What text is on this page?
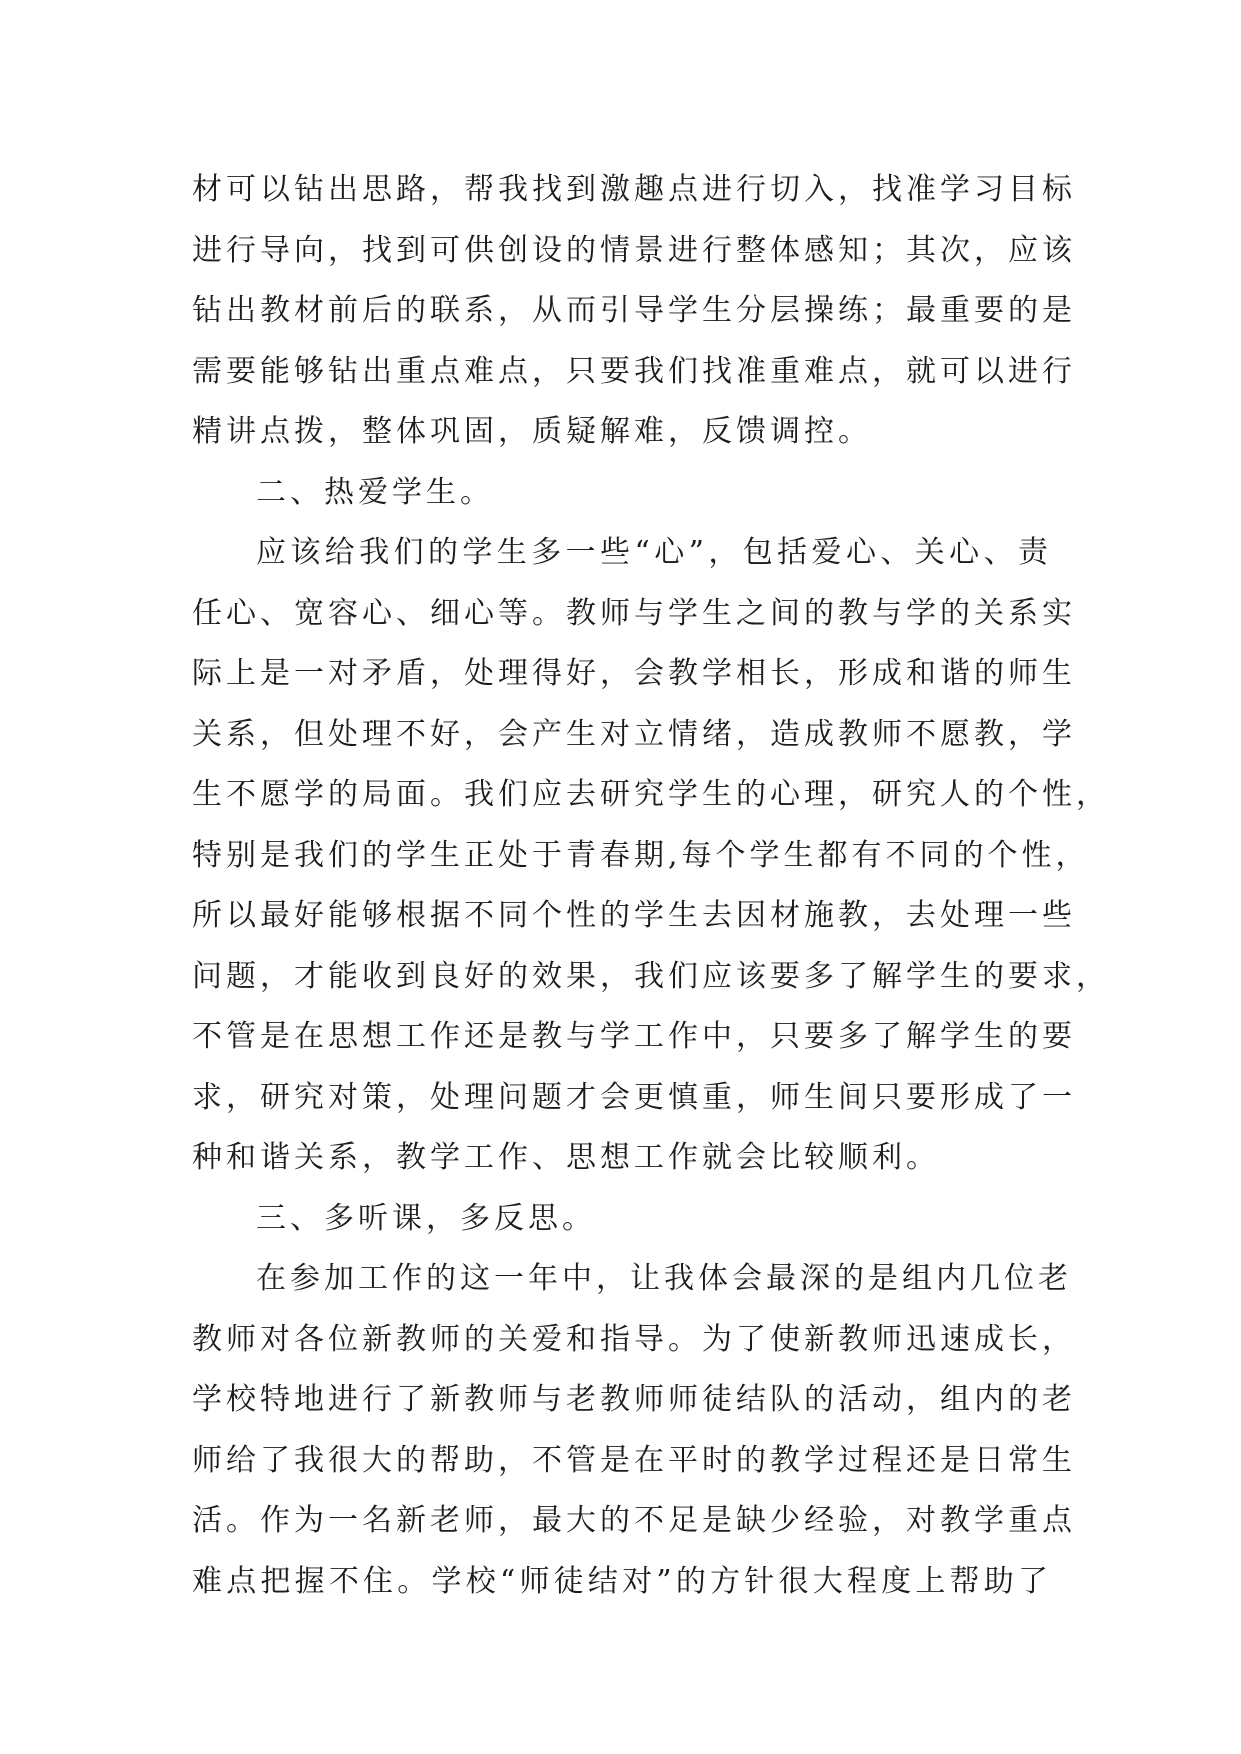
材可以钻出思路，帮我找到激趣点进行切入，找准学习目标
进行导向，找到可供创设的情景进行整体感知；其次，应该
钻出教材前后的联系，从而引导学生分层操练；最重要的是
需要能够钻出重点难点，只要我们找准重难点，就可以进行
精讲点拨，整体巩固，质疑解难，反馈调控。
二、热爱学生。
应该给我们的学生多一些“心”，包括爱心、关心、责
任心、宽容心、细心等。教师与学生之间的教与学的关系实
际上是一对矛盾，处理得好，会教学相长，形成和谐的师生
关系，但处理不好，会产生对立情绪，造成教师不愿教，学
生不愿学的局面。我们应去研究学生的心理，研究人的个性，
特别是我们的学生正处于青春期,每个学生都有不同的个性，
所以最好能够根据不同个性的学生去因材施教，去处理一些
问题，才能收到良好的效果，我们应该要多了解学生的要求，
不管是在思想工作还是教与学工作中，只要多了解学生的要
求，研究对策，处理问题才会更慎重，师生间只要形成了一
种和谐关系，教学工作、思想工作就会比较顺利。
三、多听课，多反思。
在参加工作的这一年中，让我体会最深的是组内几位老
教师对各位新教师的关爱和指导。为了使新教师迅速成长，
学校特地进行了新教师与老教师师徒结队的活动，组内的老
师给了我很大的帮助，不管是在平时的教学过程还是日常生
活。作为一名新老师，最大的不足是缺少经验，对教学重点
难点把握不住。学校“师徒结对”的方针很大程度上帮助了
